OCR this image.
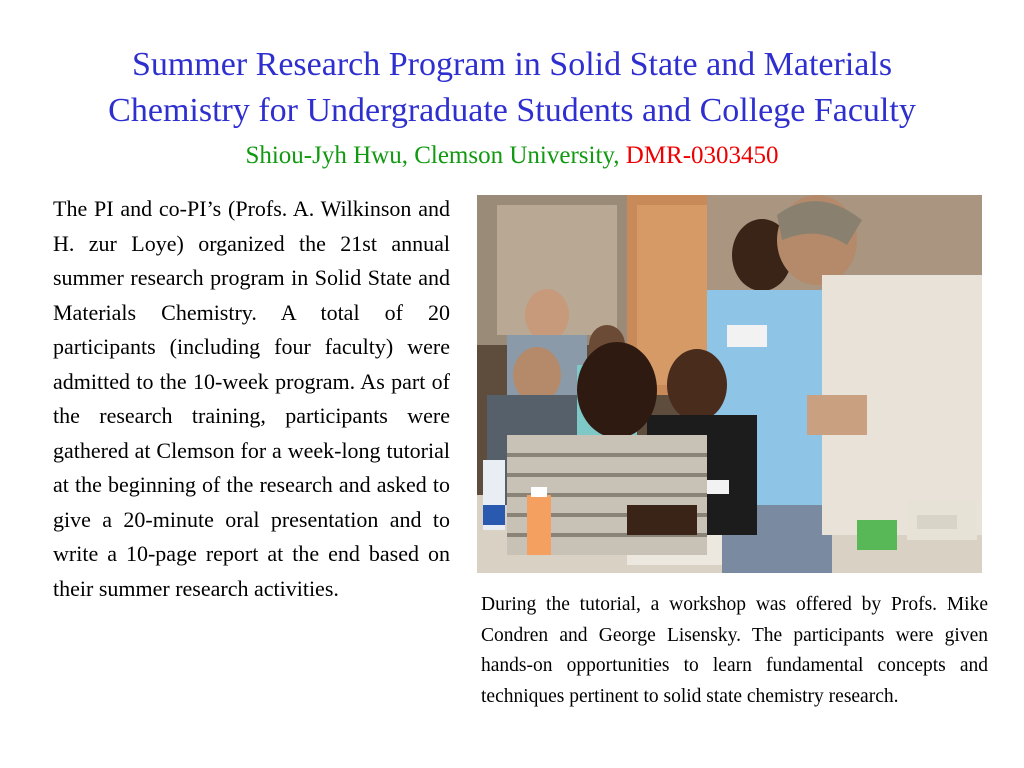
Summer Research Program in Solid State and Materials
Chemistry for Undergraduate Students and College Faculty
Shiou-Jyh Hwu, Clemson University, DMR-0303450
The PI and co-PI’s (Profs. A. Wilkinson and H. zur Loye) organized the 21st annual summer research program in Solid State and Materials Chemistry. A total of 20 participants (including four faculty) were admitted to the 10-week program. As part of the research training, participants were gathered at Clemson for a week-long tutorial at the beginning of the research and asked to give a 20-minute oral presentation and to write a 10-page report at the end based on their summer research activities.
During the tutorial, a workshop was offered by Profs. Mike Condren and George Lisensky. The participants were given hands-on opportunities to learn fundamental concepts and techniques pertinent to solid state chemistry research.
